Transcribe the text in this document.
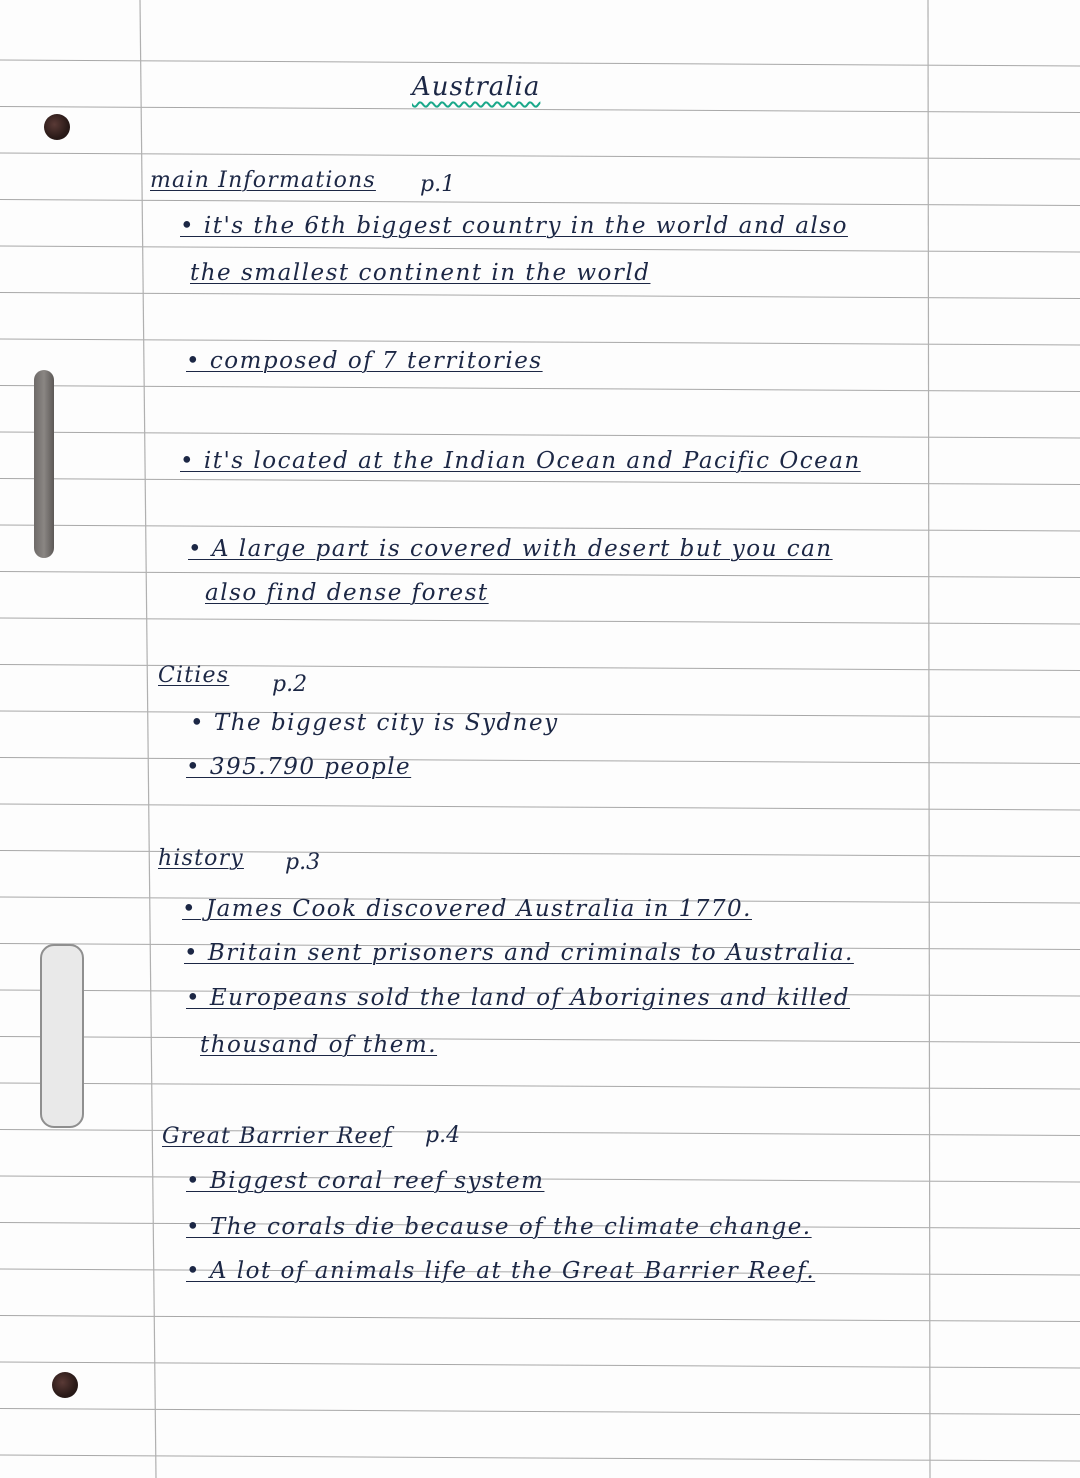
Australia
main Informations p.1
• it's the 6th biggest country in the world and also
the smallest continent in the world
• composed of 7 territories
• it's located at the Indian Ocean and Pacific Ocean
• A large part is covered with desert but you can
also find dense forest
Cities p.2
• The biggest city is Sydney
• 395.790 people
history p.3
• James Cook discovered Australia in 1770.
• Britain sent prisoners and criminals to Australia.
• Europeans sold the land of Aborigines and killed
thousand of them.
Great Barrier Reef p.4
• Biggest coral reef system
• The corals die because of the climate change.
• A lot of animals life at the Great Barrier Reef.
